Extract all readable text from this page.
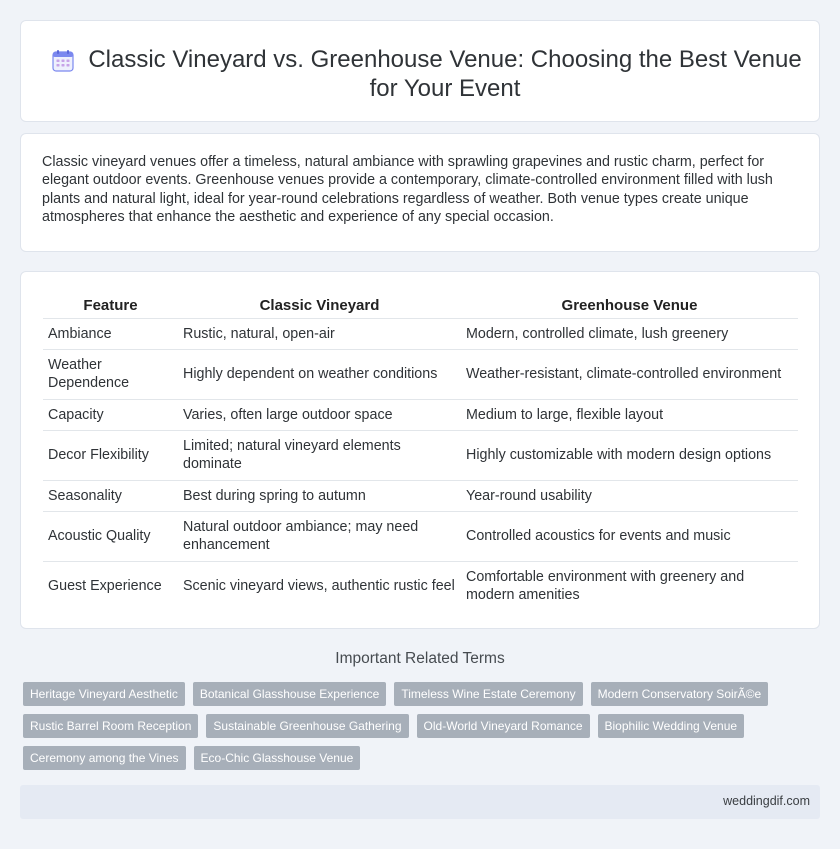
Classic Vineyard vs. Greenhouse Venue: Choosing the Best Venue for Your Event

Classic vineyard venues offer a timeless, natural ambiance with sprawling grapevines and rustic charm, perfect for elegant outdoor events. Greenhouse venues provide a contemporary, climate-controlled environment filled with lush plants and natural light, ideal for year-round celebrations regardless of weather. Both venue types create unique atmospheres that enhance the aesthetic and experience of any special occasion.

Feature	Classic Vineyard	Greenhouse Venue
Ambiance	Rustic, natural, open-air	Modern, controlled climate, lush greenery
Weather Dependence	Highly dependent on weather conditions	Weather-resistant, climate-controlled environment
Capacity	Varies, often large outdoor space	Medium to large, flexible layout
Decor Flexibility	Limited; natural vineyard elements dominate	Highly customizable with modern design options
Seasonality	Best during spring to autumn	Year-round usability
Acoustic Quality	Natural outdoor ambiance; may need enhancement	Controlled acoustics for events and music
Guest Experience	Scenic vineyard views, authentic rustic feel	Comfortable environment with greenery and modern amenities
Important Related Terms
Heritage Vineyard Aesthetic	Botanical Glasshouse Experience	Timeless Wine Estate Ceremony	Modern Conservatory SoirÃ©e
Rustic Barrel Room Reception	Sustainable Greenhouse Gathering	Old-World Vineyard Romance	Biophilic Wedding Venue
Ceremony among the Vines	Eco-Chic Glasshouse Venue
weddingdif.com
